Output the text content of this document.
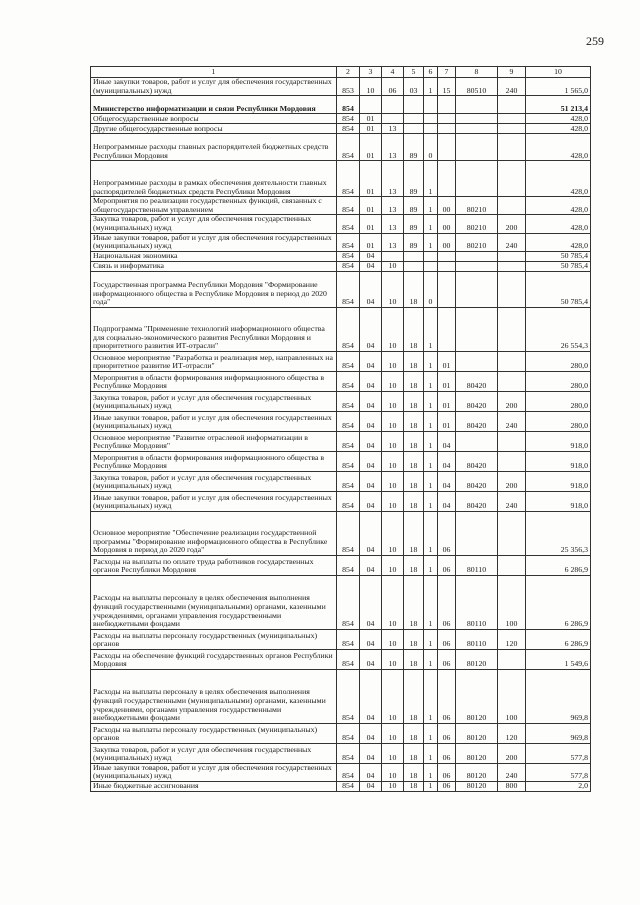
259
1	2	3	4	5	6	7	8	9	10
Иные закупки товаров, работ и услуг для обеспечения государственных (муниципальных) нужд	853	10	06	03	1	15	80510	240	1 565,0
Министерство информатизации и связи Республики Мордовия	854								51 213,4
Общегосударственные вопросы	854	01							428,0
Другие общегосударственные вопросы	854	01	13						428,0
Непрограммные расходы главных распорядителей бюджетных средств Республики Мордовия	854	01	13	89	0				428,0
Непрограммные расходы в рамках обеспечения деятельности главных распорядителей бюджетных средств Республики Мордовия	854	01	13	89	1				428,0
Мероприятия по реализации государственных функций, связанных с общегосударственным управлением	854	01	13	89	1	00	80210		428,0
Закупка товаров, работ и услуг для обеспечения государственных (муниципальных) нужд	854	01	13	89	1	00	80210	200	428,0
Иные закупки товаров, работ и услуг для обеспечения государственных (муниципальных) нужд	854	01	13	89	1	00	80210	240	428,0
Национальная экономика	854	04							50 785,4
Связь и информатика	854	04	10						50 785,4
Государственная программа Республики Мордовия "Формирование информационного общества в Республике Мордовия в период до 2020 года"	854	04	10	18	0				50 785,4
Подпрограмма "Применение технологий информационного общества для социально-экономического развития Республики Мордовия и приоритетного развития ИТ-отрасли"	854	04	10	18	1				26 554,3
Основное мероприятие "Разработка и реализация мер, направленных на приоритетное развитие ИТ-отрасли"	854	04	10	18	1	01			280,0
Мероприятия в области формирования информационного общества в Республике Мордовия	854	04	10	18	1	01	80420		280,0
Закупка товаров, работ и услуг для обеспечения государственных (муниципальных) нужд	854	04	10	18	1	01	80420	200	280,0
Иные закупки товаров, работ и услуг для обеспечения государственных (муниципальных) нужд	854	04	10	18	1	01	80420	240	280,0
Основное мероприятие "Развитие отраслевой информатизации в Республике Мордовия"	854	04	10	18	1	04			918,0
Мероприятия в области формирования информационного общества в Республике Мордовия	854	04	10	18	1	04	80420		918,0
Закупка товаров, работ и услуг для обеспечения государственных (муниципальных) нужд	854	04	10	18	1	04	80420	200	918,0
Иные закупки товаров, работ и услуг для обеспечения государственных (муниципальных) нужд	854	04	10	18	1	04	80420	240	918,0
Основное мероприятие "Обеспечение реализации государственной программы "Формирование информационного общества в Республике Мордовия в период до 2020 года"	854	04	10	18	1	06			25 356,3
Расходы на выплаты по оплате труда работников государственных органов Республики Мордовия	854	04	10	18	1	06	80110		6 286,9
Расходы на выплаты персоналу в целях обеспечения выполнения функций государственными (муниципальными) органами, казенными учреждениями, органами управления государственными внебюджетными фондами	854	04	10	18	1	06	80110	100	6 286,9
Расходы на выплаты персоналу государственных (муниципальных) органов	854	04	10	18	1	06	80110	120	6 286,9
Расходы на обеспечение функций государственных органов Республики Мордовия	854	04	10	18	1	06	80120		1 549,6
Расходы на выплаты персоналу в целях обеспечения выполнения функций государственными (муниципальными) органами, казенными учреждениями, органами управления государственными внебюджетными фондами	854	04	10	18	1	06	80120	100	969,8
Расходы на выплаты персоналу государственных (муниципальных) органов	854	04	10	18	1	06	80120	120	969,8
Закупка товаров, работ и услуг для обеспечения государственных (муниципальных) нужд	854	04	10	18	1	06	80120	200	577,8
Иные закупки товаров, работ и услуг для обеспечения государственных (муниципальных) нужд	854	04	10	18	1	06	80120	240	577,8
Иные бюджетные ассигнования	854	04	10	18	1	06	80120	800	2,0
